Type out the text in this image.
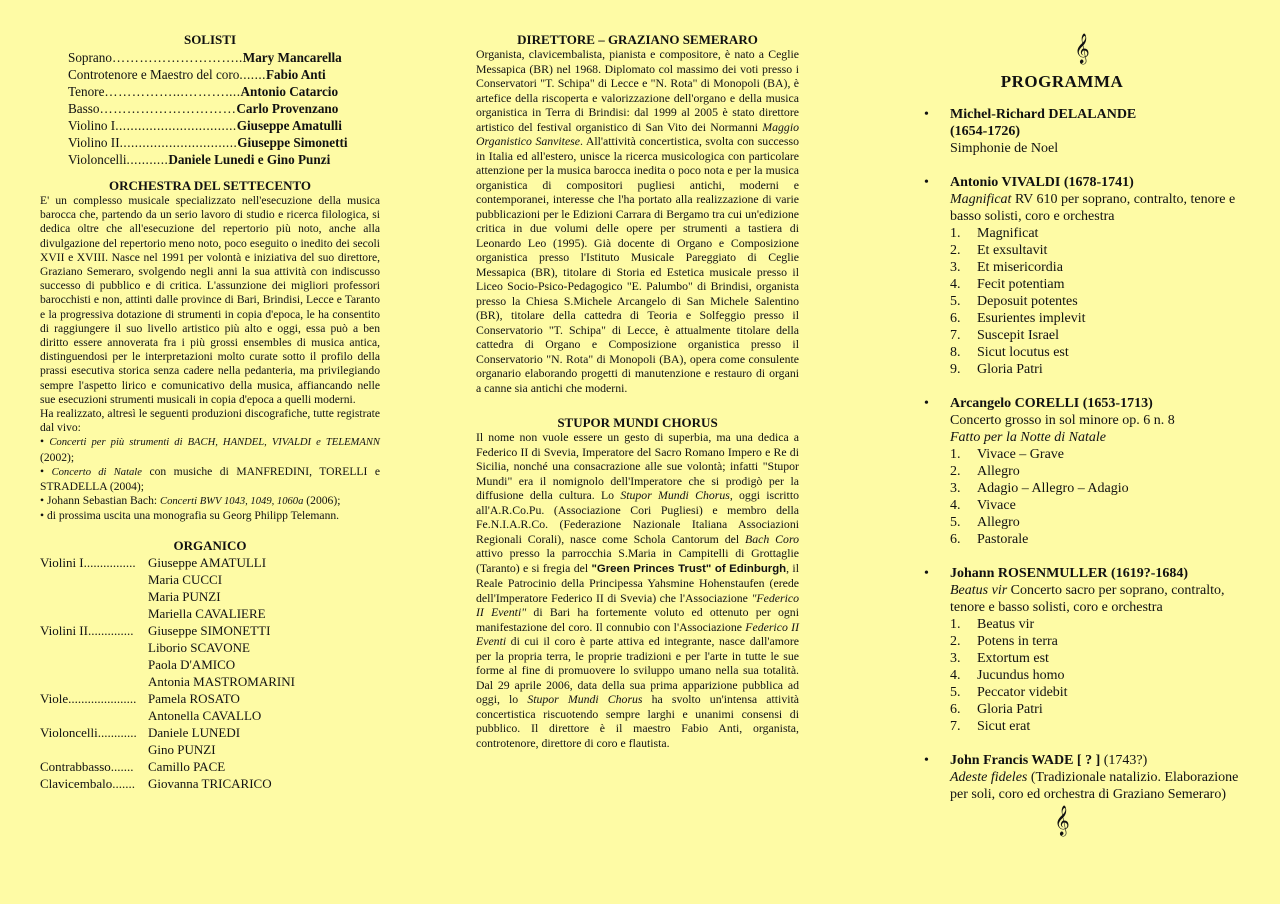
SOLISTI
Soprano………………………..Mary Mancarella
Controtenore e Maestro del coro.......Fabio Anti
Tenore……………...………....Antonio Catarcio
Basso…………………………Carlo Provenzano
Violino I................................Giuseppe Amatulli
Violino II...............................Giuseppe Simonetti
Violoncelli...........Daniele Lunedi e Gino Punzi
ORCHESTRA DEL SETTECENTO

E' un complesso musicale specializzato nell'esecuzione della musica barocca che, partendo da un serio lavoro di studio e ricerca filologica, si dedica oltre che all'esecuzione del repertorio più noto, anche alla divulgazione del repertorio meno noto, poco eseguito o inedito dei secoli XVII e XVIII. Nasce nel 1991 per volontà e iniziativa del suo direttore, Graziano Semeraro, svolgendo negli anni la sua attività con indiscusso successo di pubblico e di critica. L'assunzione dei migliori professori barocchisti e non, attinti dalle province di Bari, Brindisi, Lecce e Taranto e la progressiva dotazione di strumenti in copia d'epoca, le ha consentito di raggiungere il suo livello artistico più alto e oggi, essa può a ben diritto essere annoverata fra i più grossi ensembles di musica antica, distinguendosi per le interpretazioni molto curate sotto il profilo della prassi esecutiva storica senza cadere nella pedanteria, ma privilegiando sempre l'aspetto lirico e comunicativo della musica, affiancando nelle sue esecuzioni strumenti musicali in copia d'epoca a quelli moderni.

Ha realizzato, altresì le seguenti produzioni discografiche, tutte registrate dal vivo:

• Concerti per più strumenti di BACH, HANDEL, VIVALDI e TELEMANN (2002);
• Concerto di Natale con musiche di MANFREDINI, TORELLI e STRADELLA (2004);
• Johann Sebastian Bach: Concerti BWV 1043, 1049, 1060a (2006);
• di prossima uscita una monografia su Georg Philipp Telemann.
ORGANICO
Violini I................ Giuseppe AMATULLI
Maria CUCCI
Maria PUNZI
Mariella CAVALIERE
Violini II..............	Giuseppe SIMONETTI
Liborio SCAVONE
Paola D'AMICO
Antonia MASTROMARINI
Viole..................... Pamela ROSATO
Antonella CAVALLO
Violoncelli............ Daniele LUNEDI
Gino PUNZI
Contrabbasso.......	Camillo PACE
Clavicembalo.......	Giovanna TRICARICO
DIRETTORE – GRAZIANO SEMERARO

Organista, clavicembalista, pianista e compositore, è nato a Ceglie Messapica (BR) nel 1968. Diplomato col massimo dei voti presso i Conservatori "T. Schipa" di Lecce e "N. Rota" di Monopoli (BA), è artefice della riscoperta e valorizzazione dell'organo e della musica organistica in Terra di Brindisi: dal 1999 al 2005 è stato direttore artistico del festival organistico di San Vito dei Normanni Maggio Organistico Sanvitese. All'attività concertistica, svolta con successo in Italia ed all'estero, unisce la ricerca musicologica con particolare attenzione per la musica barocca inedita o poco nota e per la musica organistica di compositori pugliesi antichi, moderni e contemporanei, interesse che l'ha portato alla realizzazione di varie pubblicazioni per le Edizioni Carrara di Bergamo tra cui un'edizione critica in due volumi delle opere per strumenti a tastiera di Leonardo Leo (1995). Già docente di Organo e Composizione organistica presso l'Istituto Musicale Pareggiato di Ceglie Messapica (BR), titolare di Storia ed Estetica musicale presso il Liceo Socio-Psico-Pedagogico "E. Palumbo" di Brindisi, organista presso la Chiesa S.Michele Arcangelo di San Michele Salentino (BR), titolare della cattedra di Teoria e Solfeggio presso il Conservatorio "T. Schipa" di Lecce, è attualmente titolare della cattedra di Organo e Composizione organistica presso il Conservatorio "N. Rota" di Monopoli (BA), opera come consulente organario elaborando progetti di manutenzione e restauro di organi a canne sia antichi che moderni.

STUPOR MUNDI CHORUS

Il nome non vuole essere un gesto di superbia, ma una dedica a Federico II di Svevia, Imperatore del Sacro Romano Impero e Re di Sicilia, nonché una consacrazione alle sue volontà; infatti "Stupor Mundi" era il nomignolo dell'Imperatore che si prodigò per la diffusione della cultura. Lo Stupor Mundi Chorus, oggi iscritto all'A.R.Co.Pu. (Associazione Cori Pugliesi) e membro della Fe.N.I.A.R.Co. (Federazione Nazionale Italiana Associazioni Regionali Corali), nasce come Schola Cantorum del Bach Coro attivo presso la parrocchia S.Maria in Campitelli di Grottaglie (Taranto) e si fregia del "Green Princes Trust" of Edinburgh, il Reale Patrocinio della Principessa Yahsmine Hohenstaufen (erede dell'Imperatore Federico II di Svevia) che l'Associazione "Federico II Eventi" di Bari ha fortemente voluto ed ottenuto per ogni manifestazione del coro. Il connubio con l'Associazione Federico II Eventi di cui il coro è parte attiva ed integrante, nasce dall'amore per la propria terra, le proprie tradizioni e per l'arte in tutte le sue forme al fine di promuovere lo sviluppo umano nella sua totalità. Dal 29 aprile 2006, data della sua prima apparizione pubblica ad oggi, lo Stupor Mundi Chorus ha svolto un'intensa attività concertistica riscuotendo sempre larghi e unanimi consensi di pubblico. Il direttore è il maestro Fabio Anti, organista, controtenore, direttore di coro e flautista.

𝄞
PROGRAMMA
• Michel-Richard DELALANDE
(1654-1726)
Simphonie de Noel
• Antonio VIVALDI (1678-1741)
Magnificat RV 610 per soprano, contralto, tenore e basso solisti, coro e orchestra
1.	Magnificat
2.	Et exsultavit
3.	Et misericordia
4.	Fecit potentiam
5.	Deposuit potentes
6.	Esurientes implevit
7.	Suscepit Israel
8.	Sicut locutus est
9.	Gloria Patri
• Arcangelo CORELLI (1653-1713)
Concerto grosso in sol minore op. 6 n. 8
Fatto per la Notte di Natale
1.	Vivace – Grave
2.	Allegro
3.	Adagio – Allegro – Adagio
4.	Vivace
5.	Allegro
6.	Pastorale
• Johann ROSENMULLER (1619?-1684)
Beatus vir Concerto sacro per soprano, contralto, tenore e basso solisti, coro e orchestra
1.	Beatus vir
2.	Potens in terra
3.	Extortum est
4.	Jucundus homo
5.	Peccator videbit
6.	Gloria Patri
7.	Sicut erat
• John Francis WADE [ ? ] (1743?)
Adeste fideles (Tradizionale natalizio. Elaborazione per soli, coro ed orchestra di Graziano Semeraro)
𝄞
